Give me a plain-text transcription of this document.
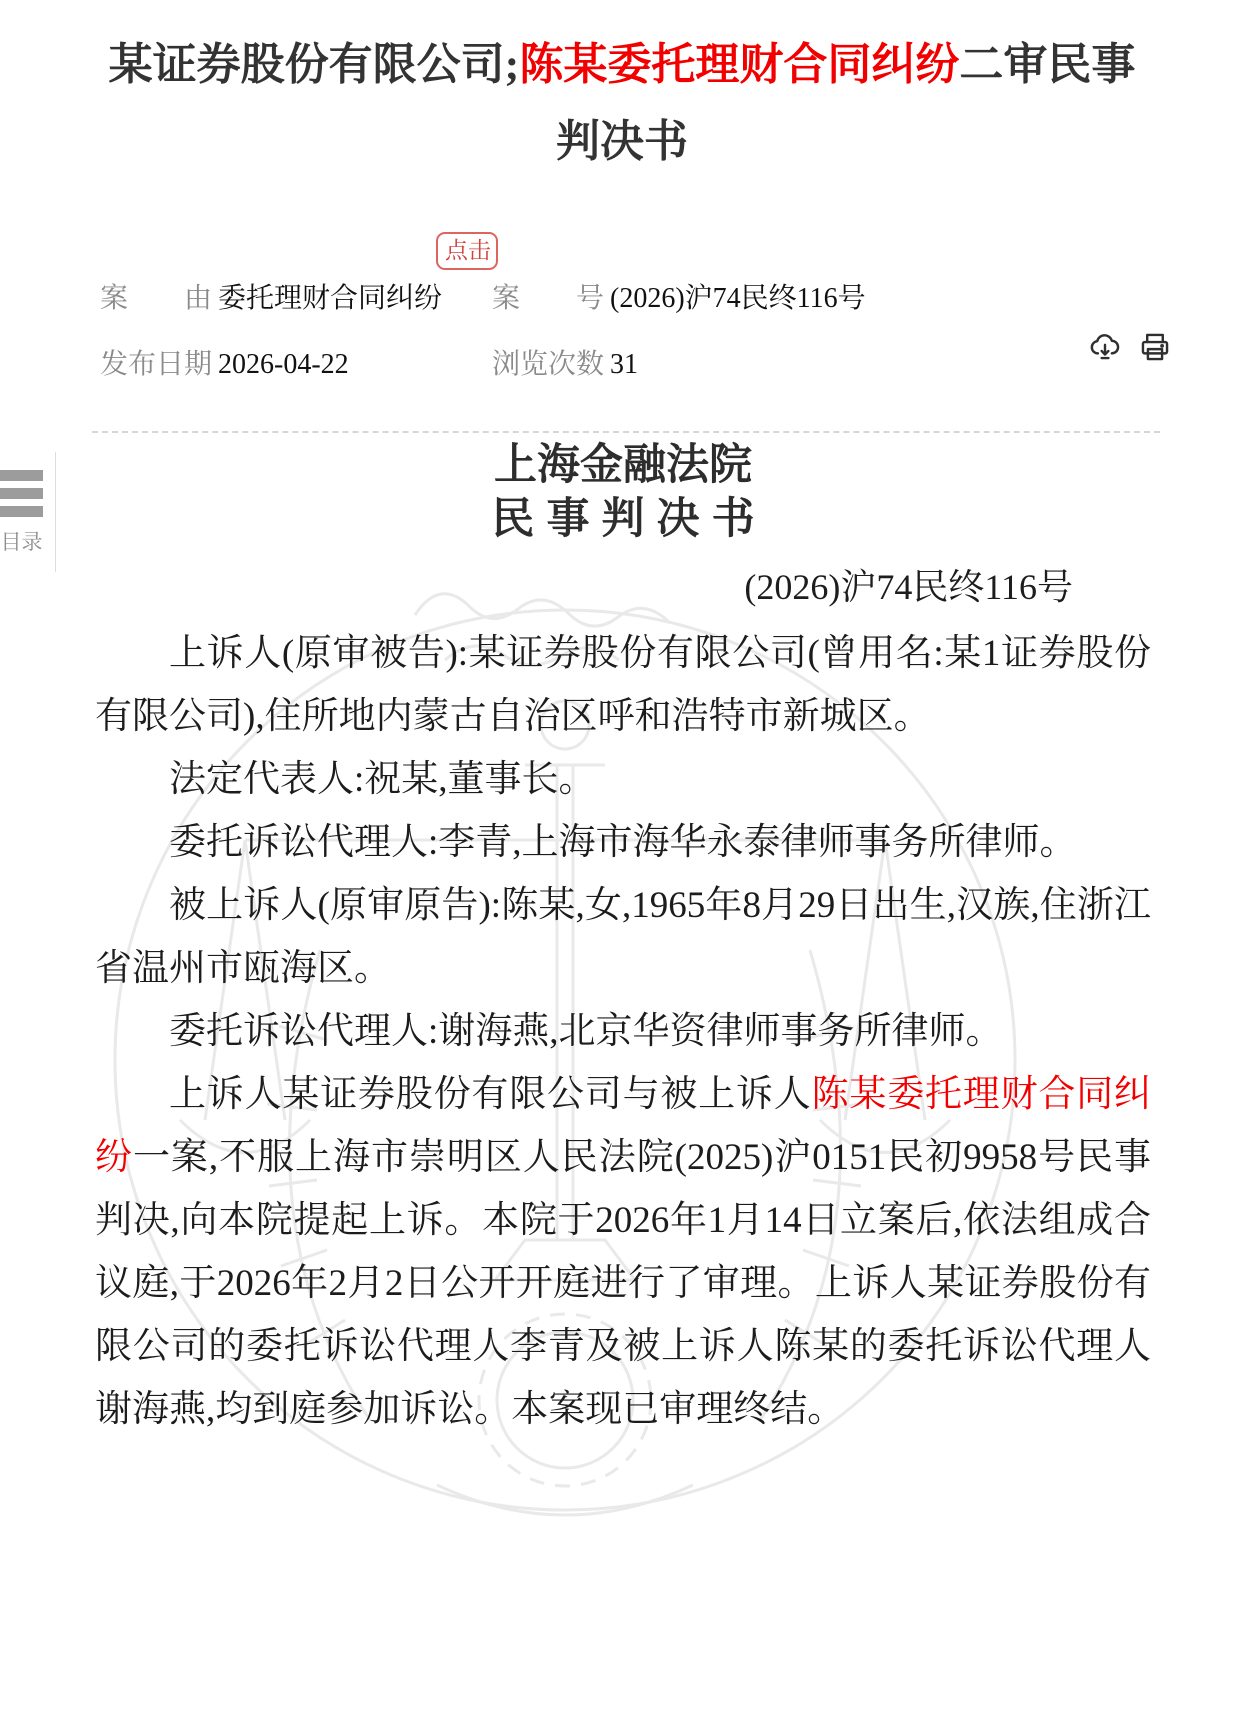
目录
某证券股份有限公司;陈某委托理财合同纠纷二审民事判决书
案由 委托理财合同纠纷
点击
案号 (2026)沪74民终116号
发布日期 2026-04-22	浏览次数 31
上海金融法院
民事判决书
(2026)沪74民终116号

上诉人(原审被告):某证券股份有限公司(曾用名:某1证券股份有限公司),住所地内蒙古自治区呼和浩特市新城区。

法定代表人:祝某,董事长。

委托诉讼代理人:李青,上海市海华永泰律师事务所律师。

被上诉人(原审原告):陈某,女,1965年8月29日出生,汉族,住浙江省温州市瓯海区。

委托诉讼代理人:谢海燕,北京华资律师事务所律师。

上诉人某证券股份有限公司与被上诉人陈某委托理财合同纠纷一案,不服上海市崇明区人民法院(2025)沪0151民初9958号民事判决,向本院提起上诉。本院于2026年1月14日立案后,依法组成合议庭,于2026年2月2日公开开庭进行了审理。上诉人某证券股份有限公司的委托诉讼代理人李青及被上诉人陈某的委托诉讼代理人谢海燕,均到庭参加诉讼。本案现已审理终结。
